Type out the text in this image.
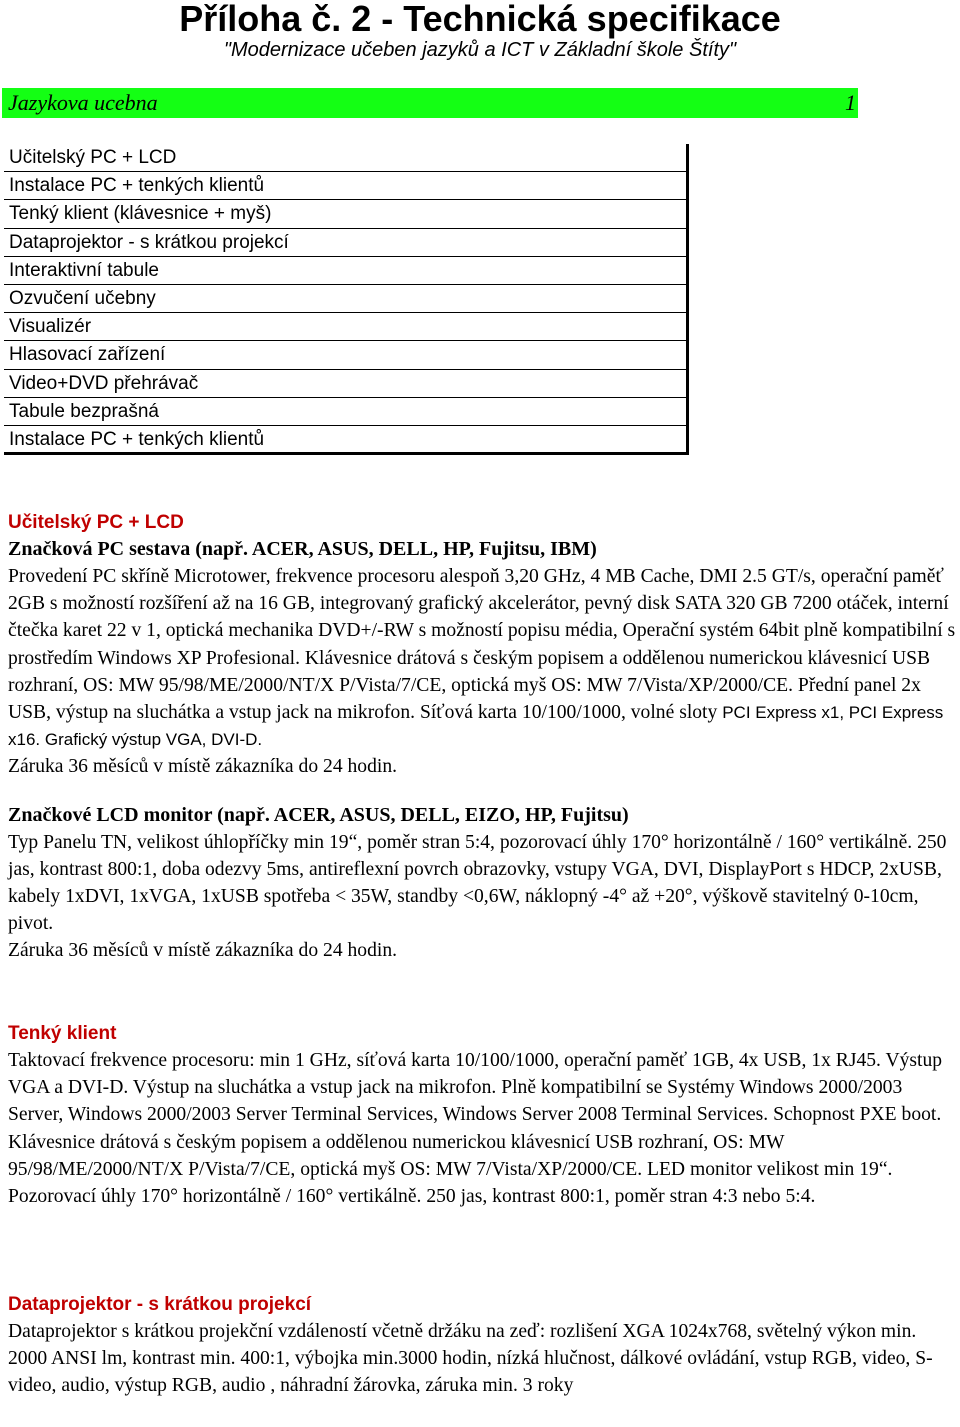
Příloha č. 2 - Technická specifikace
"Modernizace učeben jazyků a ICT v Základní škole Štíty"
Jazykova ucebna	1
Učitelský PC + LCD
Instalace PC + tenkých klientů
Tenký klient (klávesnice + myš)
Dataprojektor - s krátkou projekcí
Interaktivní tabule
Ozvučení učebny
Visualizér
Hlasovací zařízení
Video+DVD přehrávač
Tabule bezprašná
Instalace PC + tenkých klientů
Učitelský PC + LCD
Značková PC sestava (např. ACER, ASUS, DELL, HP, Fujitsu, IBM)
Provedení PC skříně Microtower, frekvence procesoru alespoň 3,20 GHz, 4 MB Cache, DMI 2.5 GT/s, operační paměť 2GB s možností rozšíření až na 16 GB, integrovaný grafický akcelerátor, pevný disk SATA 320 GB 7200 otáček, interní čtečka karet 22 v 1, optická mechanika DVD+/-RW s možností popisu média, Operační systém 64bit plně kompatibilní s prostředím Windows XP Profesional. Klávesnice drátová s českým popisem a oddělenou numerickou klávesnicí USB rozhraní, OS: MW 95/98/ME/2000/NT/X P/Vista/7/CE, optická myš OS: MW 7/Vista/XP/2000/CE. Přední panel 2x USB, výstup na sluchátka a vstup jack na mikrofon. Síťová karta 10/100/1000, volné sloty PCI Express x1, PCI Express x16. Grafický výstup VGA, DVI-D.
Záruka 36 měsíců v místě zákazníka do 24 hodin.
Značkové LCD monitor (např. ACER, ASUS, DELL, EIZO, HP, Fujitsu)
Typ Panelu TN, velikost úhlopříčky min 19“, poměr stran 5:4, pozorovací úhly 170° horizontálně / 160° vertikálně. 250 jas, kontrast 800:1, doba odezvy 5ms, antireflexní povrch obrazovky, vstupy VGA, DVI, DisplayPort s HDCP, 2xUSB, kabely 1xDVI, 1xVGA, 1xUSB spotřeba < 35W, standby <0,6W, náklopný -4° až +20°, výškově stavitelný 0-10cm, pivot.
Záruka 36 měsíců v místě zákazníka do 24 hodin.
Tenký klient
Taktovací frekvence procesoru: min 1 GHz, síťová karta 10/100/1000, operační paměť 1GB, 4x USB, 1x RJ45. Výstup VGA a DVI-D. Výstup na sluchátka a vstup jack na mikrofon. Plně kompatibilní se Systémy Windows 2000/2003 Server, Windows 2000/2003 Server Terminal Services, Windows Server 2008 Terminal Services. Schopnost PXE boot. Klávesnice drátová s českým popisem a oddělenou numerickou klávesnicí USB rozhraní, OS: MW 95/98/ME/2000/NT/X P/Vista/7/CE, optická myš OS: MW 7/Vista/XP/2000/CE. LED monitor velikost min 19“. Pozorovací úhly 170° horizontálně / 160° vertikálně. 250 jas, kontrast 800:1, poměr stran 4:3 nebo 5:4.
Dataprojektor - s krátkou projekcí
Dataprojektor s krátkou projekční vzdáleností včetně držáku na zeď: rozlišení XGA 1024x768, světelný výkon min. 2000 ANSI lm, kontrast min. 400:1, výbojka min.3000 hodin, nízká hlučnost, dálkové ovládání, vstup RGB, video, S-video, audio, výstup RGB, audio , náhradní žárovka, záruka min. 3 roky
